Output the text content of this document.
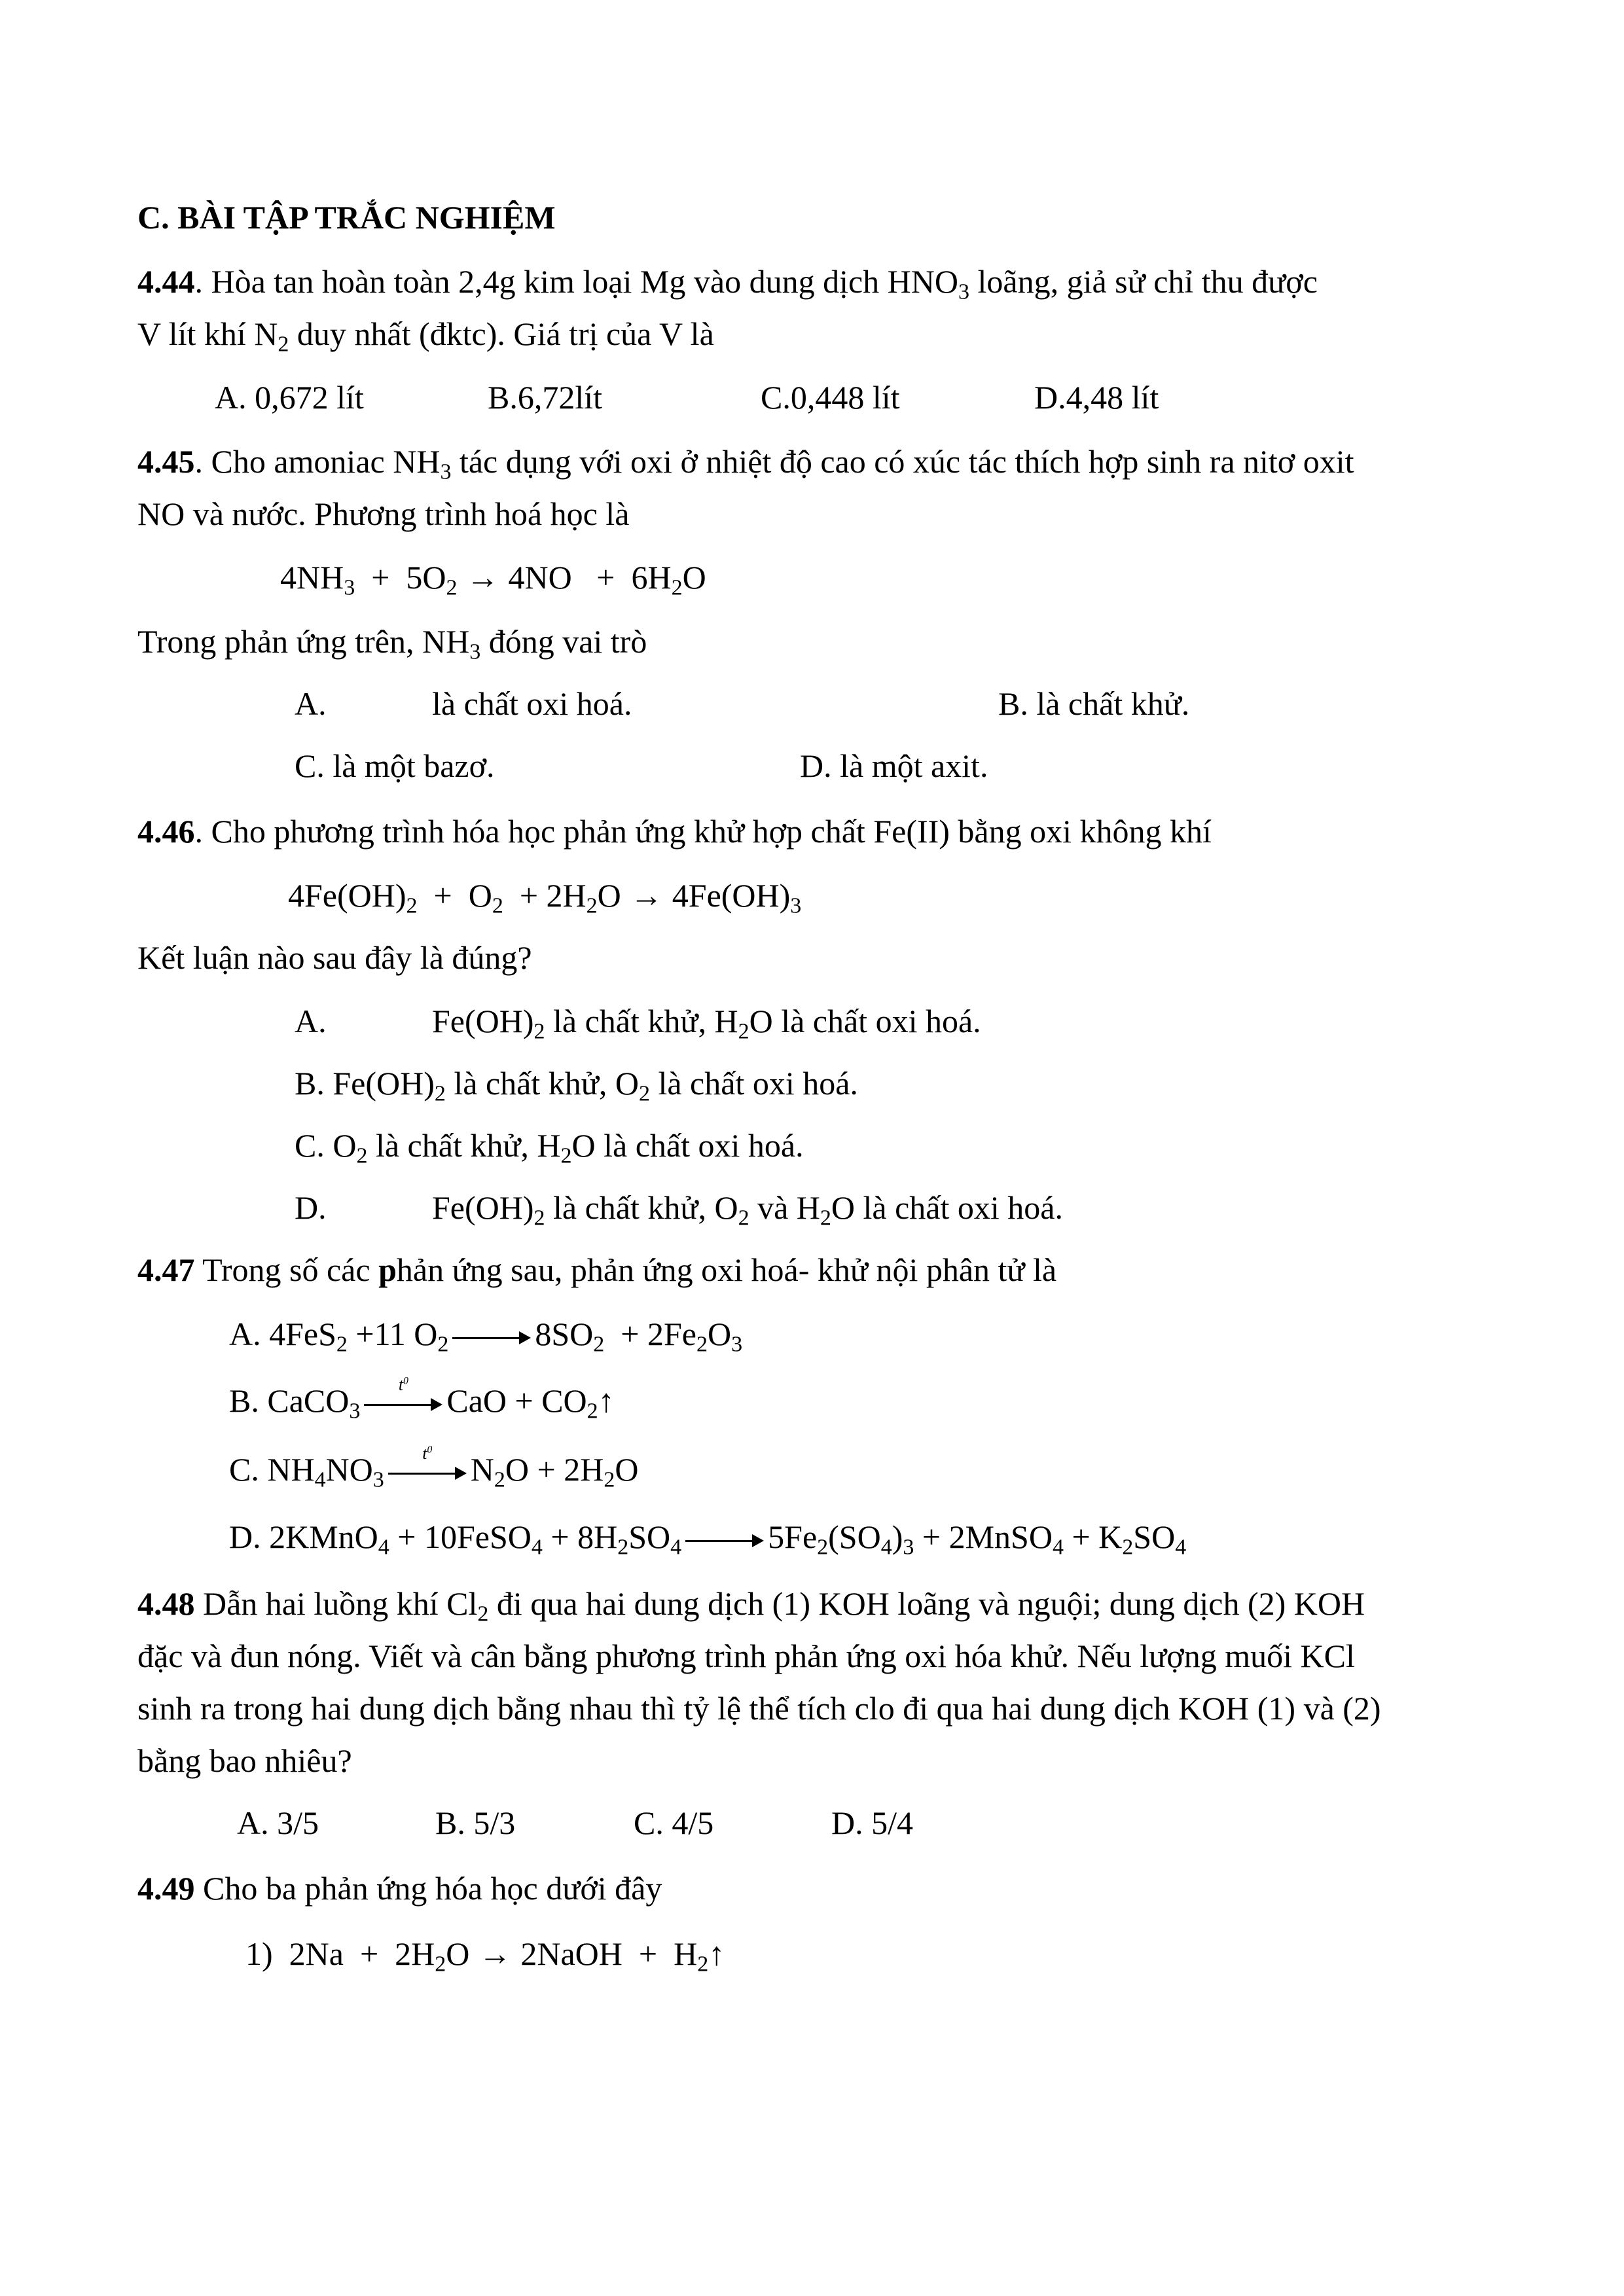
C. BÀI TẬP TRẮC NGHIỆM
4.44. Hòa tan hoàn toàn 2,4g kim loại Mg vào dung dịch $HNO_3$ loãng, giả sử chỉ thu được
V lít khí $N_2$ duy nhất (đktc). Giá trị của V là
A. 0,672 lít	B.6,72lít	C.0,448 lít	D.4,48 lít
4.45. Cho amoniac $NH_3$ tác dụng với oxi ở nhiệt độ cao có xúc tác thích hợp sinh ra nitơ oxit
NO và nước. Phương trình hoá học là
$4NH_3 + 5O_2 \to 4NO + 6H_2O$
Trong phản ứng trên, $NH_3$ đóng vai trò
A.	là chất oxi hoá.	B. là chất khử.
C. là một bazơ.	D. là một axit.
4.46. Cho phương trình hóa học phản ứng khử hợp chất Fe(II) bằng oxi không khí
$4Fe(OH)_2 + O_2 + 2H_2O \to 4Fe(OH)_3$
Kết luận nào sau đây là đúng?
A.	$Fe(OH)_2$ là chất khử, $H_2O$ là chất oxi hoá.
B. $Fe(OH)_2$ là chất khử, $O_2$ là chất oxi hoá.
C. $O_2$ là chất khử, $H_2O$ là chất oxi hoá.
D.	$Fe(OH)_2$ là chất khử, $O_2$ và $H_2O$ là chất oxi hoá.
4.47 Trong số các phản ứng sau, phản ứng oxi hoá- khử nội phân tử là
A. 4FeS$_2$ +11 $O_2$	$8SO_2 + 2Fe_2O_3$
B. CaCO$_3$
$t^0$
CaO + $CO_2↑$
C. $NH_4NO_3$
$t^0$
$N_2O + 2H_2O$
D. 2KMnO$_4$ + 10FeSO$_4$ + $8H_2SO_4$	$5Fe_2(SO_4)_3$ + 2MnSO$_4$ + $K_2SO_4$
4.48 Dẫn hai luồng khí $Cl_2$ đi qua hai dung dịch (1) KOH loãng và nguội; dung dịch (2) KOH
đặc và đun nóng. Viết và cân bằng phương trình phản ứng oxi hóa khử. Nếu lượng muối KCl
sinh ra trong hai dung dịch bằng nhau thì tỷ lệ thể tích clo đi qua hai dung dịch KOH (1) và (2)
bằng bao nhiêu?
A. 3/5	B. 5/3	C. 4/5	D. 5/4
4.49 Cho ba phản ứng hóa học dưới đây
1)  $2Na + 2H_2O$ → 2NaOH  +  $H_2↑$
